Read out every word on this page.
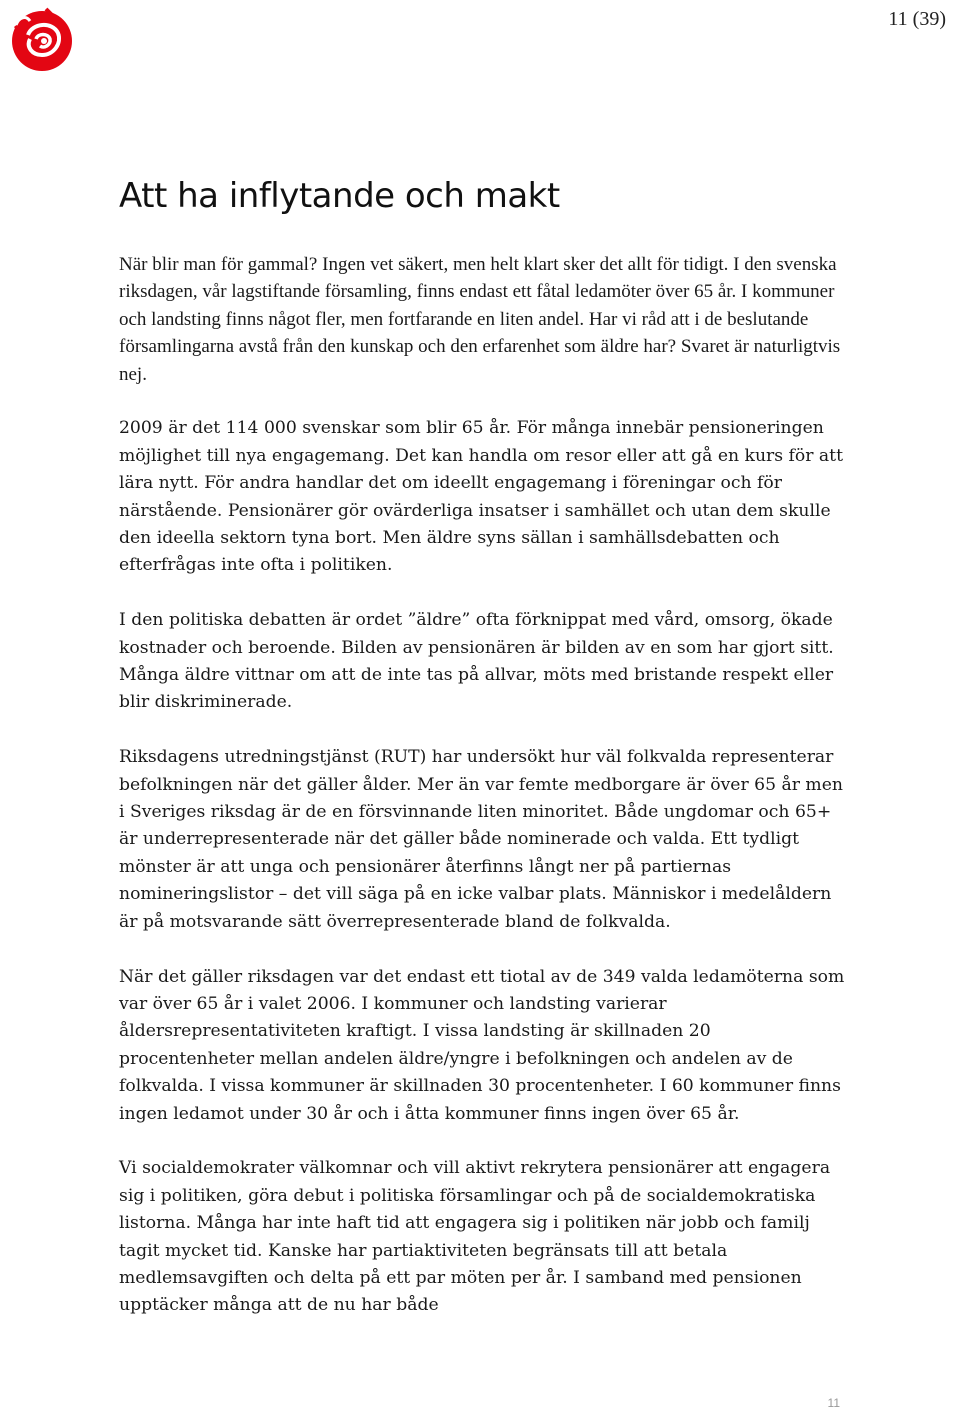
11 (39)
Att ha inflytande och makt

När blir man för gammal? Ingen vet säkert, men helt klart sker det allt för tidigt. I den svenska riksdagen, vår lagstiftande församling, finns endast ett fåtal ledamöter över 65 år. I kommuner och landsting finns något fler, men fortfarande en liten andel. Har vi råd att i de beslutande församlingarna avstå från den kunskap och den erfarenhet som äldre har? Svaret är naturligtvis nej.

2009 är det 114 000 svenskar som blir 65 år. För många innebär pensioneringen möjlighet till nya engagemang. Det kan handla om resor eller att gå en kurs för att lära nytt. För andra handlar det om ideellt engagemang i föreningar och för närstående. Pensionärer gör ovärderliga insatser i samhället och utan dem skulle den ideella sektorn tyna bort. Men äldre syns sällan i samhällsdebatten och efterfrågas inte ofta i politiken.

I den politiska debatten är ordet ”äldre” ofta förknippat med vård, omsorg, ökade kostnader och beroende. Bilden av pensionären är bilden av en som har gjort sitt. Många äldre vittnar om att de inte tas på allvar, möts med bristande respekt eller blir diskriminerade.

Riksdagens utredningstjänst (RUT) har undersökt hur väl folkvalda representerar befolkningen när det gäller ålder. Mer än var femte medborgare är över 65 år men i Sveriges riksdag är de en försvinnande liten minoritet. Både ungdomar och 65+ är underrepresenterade när det gäller både nominerade och valda. Ett tydligt mönster är att unga och pensionärer återfinns långt ner på partiernas nomineringslistor – det vill säga på en icke valbar plats. Människor i medelåldern är på motsvarande sätt överrepresenterade bland de folkvalda.

När det gäller riksdagen var det endast ett tiotal av de 349 valda ledamöterna som var över 65 år i valet 2006. I kommuner och landsting varierar åldersrepresentativiteten kraftigt. I vissa landsting är skillnaden 20 procentenheter mellan andelen äldre/yngre i befolkningen och andelen av de folkvalda. I vissa kommuner är skillnaden 30 procentenheter. I 60 kommuner finns ingen ledamot under 30 år och i åtta kommuner finns ingen över 65 år.

Vi socialdemokrater välkomnar och vill aktivt rekrytera pensionärer att engagera sig i politiken, göra debut i politiska församlingar och på de socialdemokratiska listorna. Många har inte haft tid att engagera sig i politiken när jobb och familj tagit mycket tid. Kanske har partiaktiviteten begränsats till att betala medlemsavgiften och delta på ett par möten per år. I samband med pensionen upptäcker många att de nu har både

11
